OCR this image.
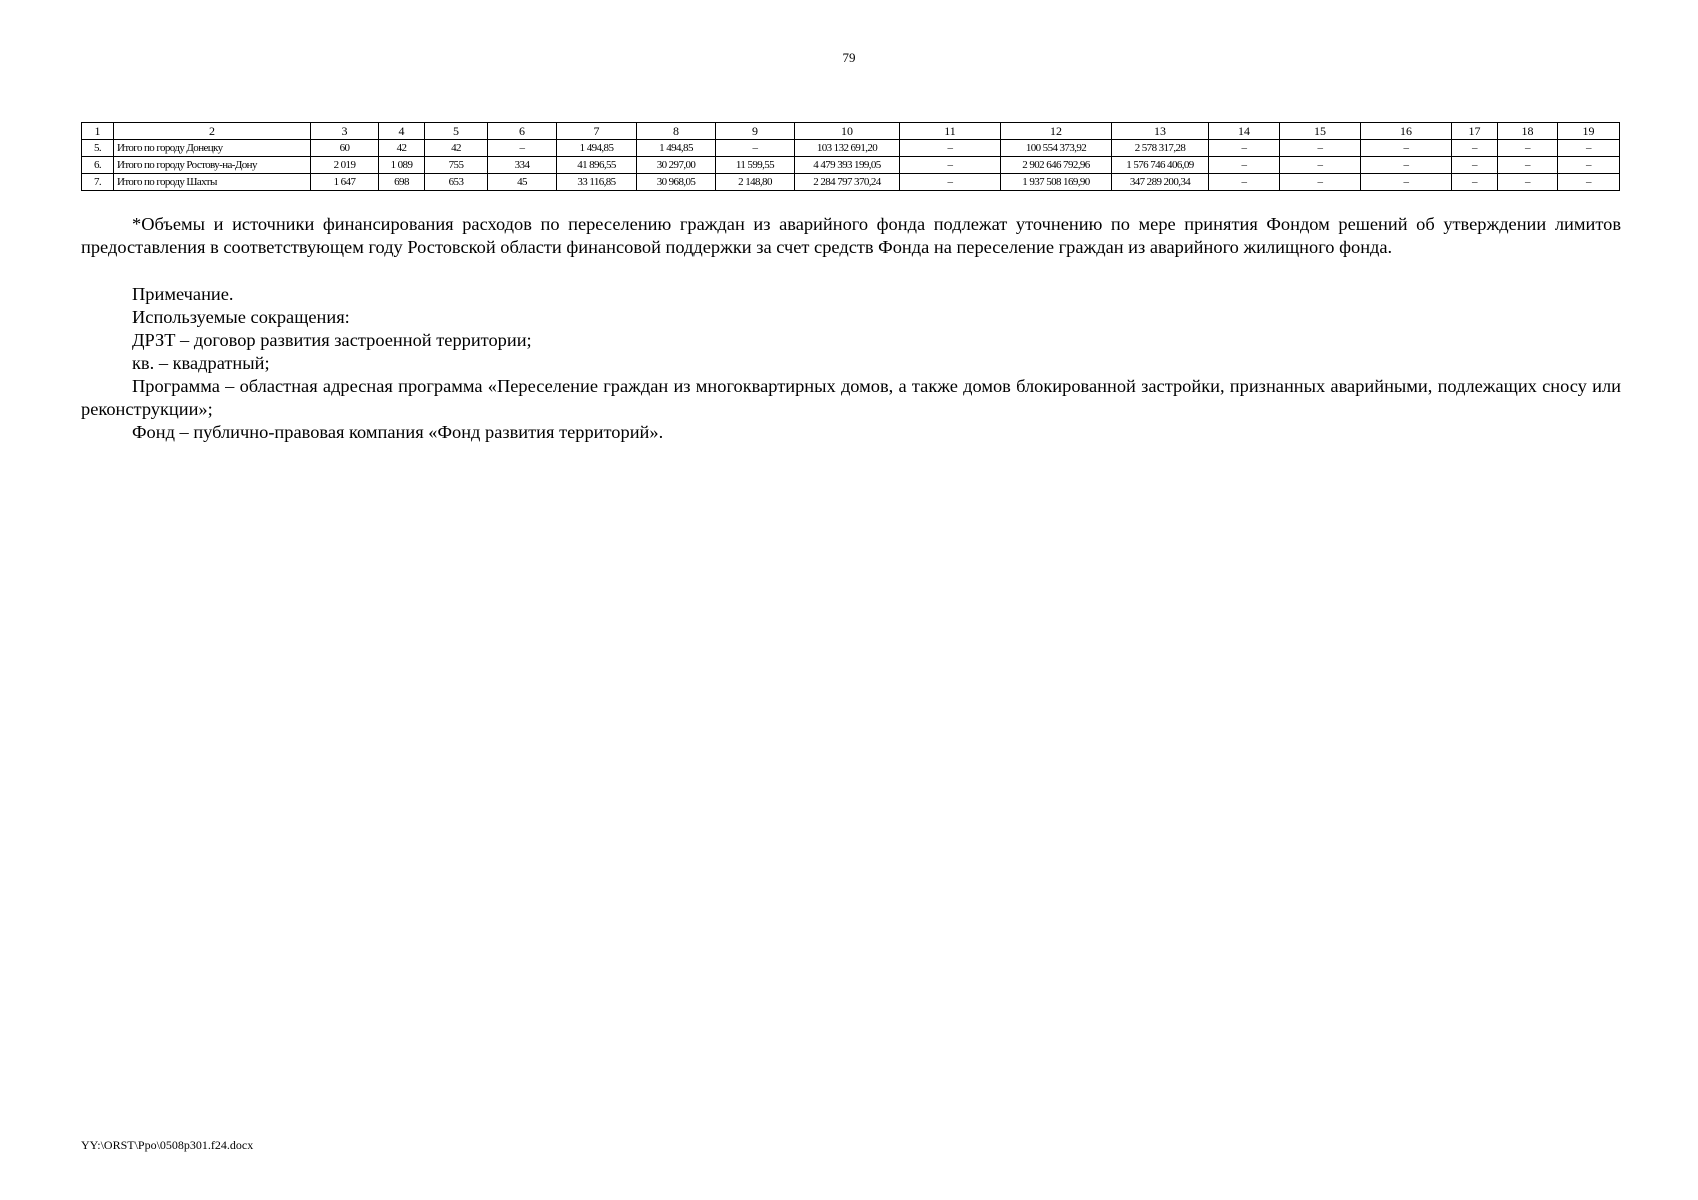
79
1	2	3	4	5	6	7	8	9	10	11	12	13	14	15	16	17	18	19
5.	Итого по городу Донецку	60	42	42	–	1 494,85	1 494,85	–	103 132 691,20	–	100 554 373,92	2 578 317,28	–	–	–	–	–	–
6.	Итого по городу Ростову-на-Дону	2 019	1 089	755	334	41 896,55	30 297,00	11 599,55	4 479 393 199,05	–	2 902 646 792,96	1 576 746 406,09	–	–	–	–	–	–
7.	Итого по городу Шахты	1 647	698	653	45	33 116,85	30 968,05	2 148,80	2 284 797 370,24	–	1 937 508 169,90	347 289 200,34	–	–	–	–	–	–

*Объемы и источники финансирования расходов по переселению граждан из аварийного фонда подлежат уточнению по мере принятия Фондом решений об утверждении лимитов предоставления в соответствующем году Ростовской области финансовой поддержки за счет средств Фонда на переселение граждан из аварийного жилищного фонда.

Примечание.

Используемые сокращения:

ДРЗТ – договор развития застроенной территории;

кв. – квадратный;

Программа – областная адресная программа «Переселение граждан из многоквартирных домов, а также домов блокированной застройки, признанных аварийными, подлежащих сносу или реконструкции»;

Фонд – публично-правовая компания «Фонд развития территорий».

YY:\ORST\Ppo\0508p301.f24.docx
